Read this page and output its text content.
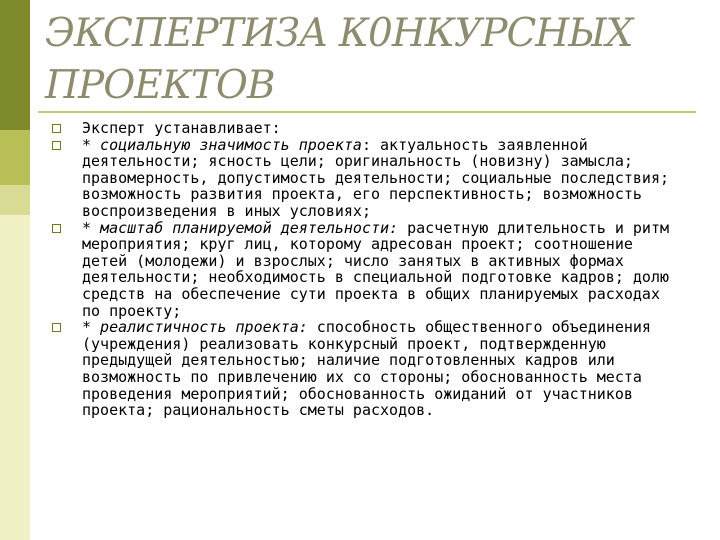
ЭКСПЕРТИЗА К0НКУРСНЫХ
ПРОЕКТОВ
Эксперт устанавливает:
* социальную значимость проекта: актуальность заявленной деятельности; ясность цели; оригинальность (новизну) замысла; правомерность, допустимость деятельности; социальные последствия; возможность развития проекта, его перспективность; возможность воспроизведения в иных условиях;
* масштаб планируемой деятельности: расчетную длительность и ритм мероприятия; круг лиц, которому адресован проект; соотношение детей (молодежи) и взрослых; число занятых в активных формах деятельности; необходимость в специальной подготовке кадров; долю средств на обеспечение сути проекта в общих планируемых расходах по проекту;
* реалистичность проекта: способность общественного объединения (учреждения) реализовать конкурсный проект, подтвержденную предыдущей деятельностью; наличие подготовленных кадров или возможность по привлечению их со стороны; обоснованность места проведения мероприятий; обоснованность ожиданий от участников проекта; рациональность сметы расходов.
